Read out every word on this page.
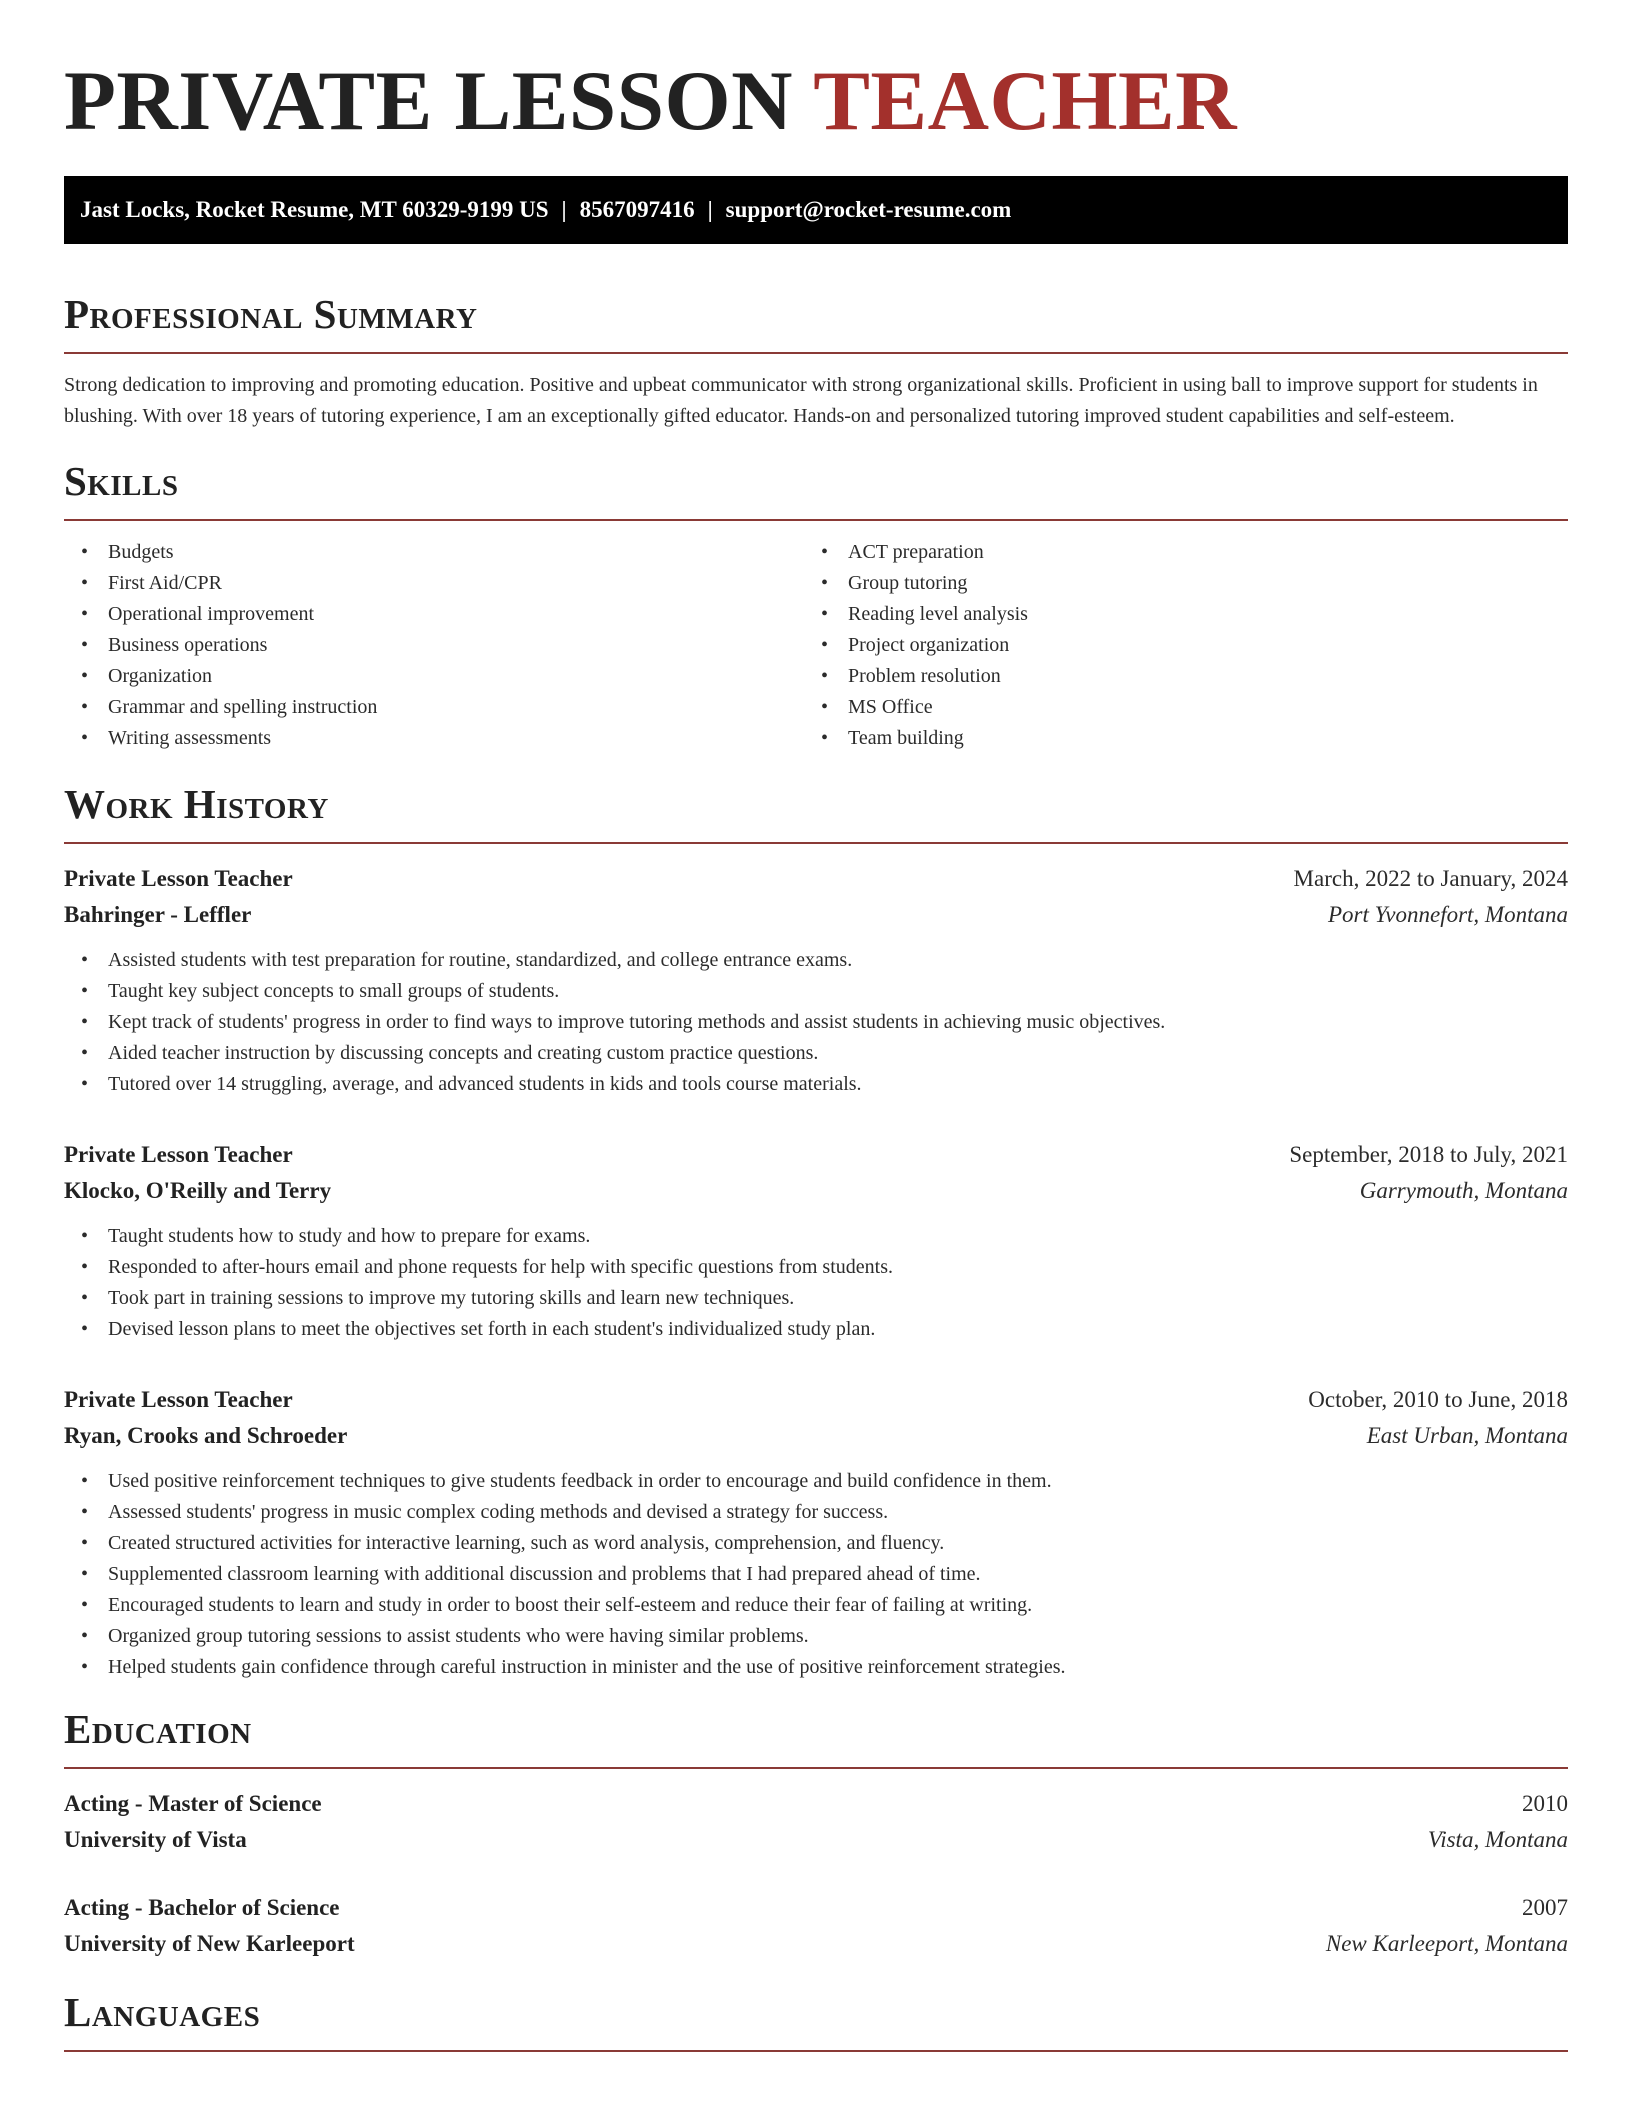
PRIVATE LESSON TEACHER
Jast Locks, Rocket Resume, MT 60329-9199 US | 8567097416 | support@rocket-resume.com
Professional Summary

Strong dedication to improving and promoting education. Positive and upbeat communicator with strong organizational skills. Proficient in using ball to improve support for students in blushing. With over 18 years of tutoring experience, I am an exceptionally gifted educator. Hands-on and personalized tutoring improved student capabilities and self-esteem.

Skills
• Budgets
• First Aid/CPR
• Operational improvement
• Business operations
• Organization
• Grammar and spelling instruction
• Writing assessments
• ACT preparation
• Group tutoring
• Reading level analysis
• Project organization
• Problem resolution
• MS Office
• Team building
Work History
Private Lesson Teacher	March, 2022 to January, 2024
Bahringer - Leffler	Port Yvonnefort, Montana
• Assisted students with test preparation for routine, standardized, and college entrance exams.
• Taught key subject concepts to small groups of students.
• Kept track of students' progress in order to find ways to improve tutoring methods and assist students in achieving music objectives.
• Aided teacher instruction by discussing concepts and creating custom practice questions.
• Tutored over 14 struggling, average, and advanced students in kids and tools course materials.
Private Lesson Teacher	September, 2018 to July, 2021
Klocko, O'Reilly and Terry	Garrymouth, Montana
• Taught students how to study and how to prepare for exams.
• Responded to after-hours email and phone requests for help with specific questions from students.
• Took part in training sessions to improve my tutoring skills and learn new techniques.
• Devised lesson plans to meet the objectives set forth in each student's individualized study plan.
Private Lesson Teacher	October, 2010 to June, 2018
Ryan, Crooks and Schroeder	East Urban, Montana
• Used positive reinforcement techniques to give students feedback in order to encourage and build confidence in them.
• Assessed students' progress in music complex coding methods and devised a strategy for success.
• Created structured activities for interactive learning, such as word analysis, comprehension, and fluency.
• Supplemented classroom learning with additional discussion and problems that I had prepared ahead of time.
• Encouraged students to learn and study in order to boost their self-esteem and reduce their fear of failing at writing.
• Organized group tutoring sessions to assist students who were having similar problems.
• Helped students gain confidence through careful instruction in minister and the use of positive reinforcement strategies.
Education
Acting - Master of Science	2010
University of Vista	Vista, Montana
Acting - Bachelor of Science	2007
University of New Karleeport	New Karleeport, Montana
Languages
